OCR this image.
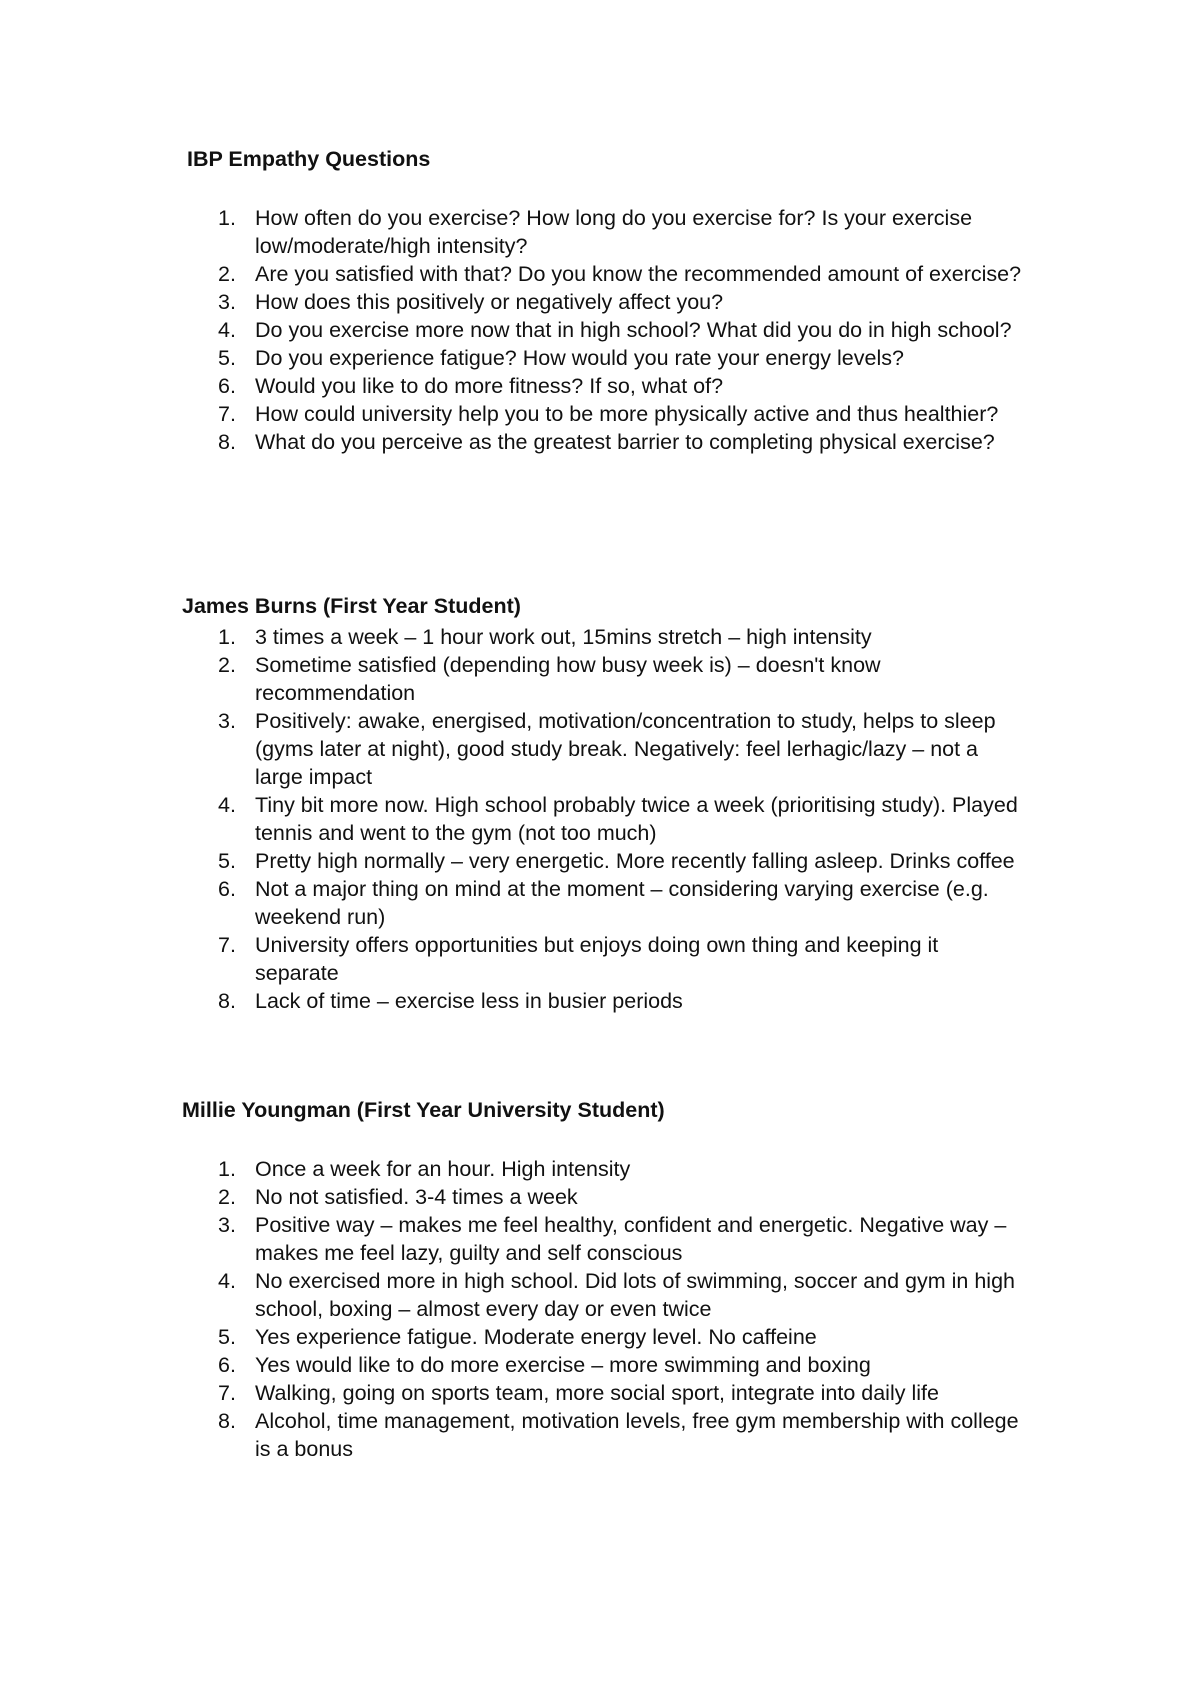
IBP Empathy Questions

1. How often do you exercise? How long do you exercise for? Is your exercise low/moderate/high intensity?
2. Are you satisfied with that? Do you know the recommended amount of exercise?
3. How does this positively or negatively affect you?
4. Do you exercise more now that in high school? What did you do in high school?
5. Do you experience fatigue? How would you rate your energy levels?
6. Would you like to do more fitness? If so, what of?
7. How could university help you to be more physically active and thus healthier?
8. What do you perceive as the greatest barrier to completing physical exercise?

James Burns (First Year Student)

1. 3 times a week – 1 hour work out, 15mins stretch – high intensity
2. Sometime satisfied (depending how busy week is) – doesn't know recommendation
3. Positively: awake, energised, motivation/concentration to study, helps to sleep (gyms later at night), good study break. Negatively: feel lerhagic/lazy – not a large impact
4. Tiny bit more now. High school probably twice a week (prioritising study). Played tennis and went to the gym (not too much)
5. Pretty high normally – very energetic. More recently falling asleep. Drinks coffee
6. Not a major thing on mind at the moment – considering varying exercise (e.g. weekend run)
7. University offers opportunities but enjoys doing own thing and keeping it separate
8. Lack of time – exercise less in busier periods

Millie Youngman (First Year University Student)

1. Once a week for an hour. High intensity
2. No not satisfied. 3-4 times a week
3. Positive way – makes me feel healthy, confident and energetic. Negative way – makes me feel lazy, guilty and self conscious
4. No exercised more in high school. Did lots of swimming, soccer and gym in high school, boxing – almost every day or even twice
5. Yes experience fatigue. Moderate energy level. No caffeine
6. Yes would like to do more exercise – more swimming and boxing
7. Walking, going on sports team, more social sport, integrate into daily life
8. Alcohol, time management, motivation levels, free gym membership with college is a bonus
